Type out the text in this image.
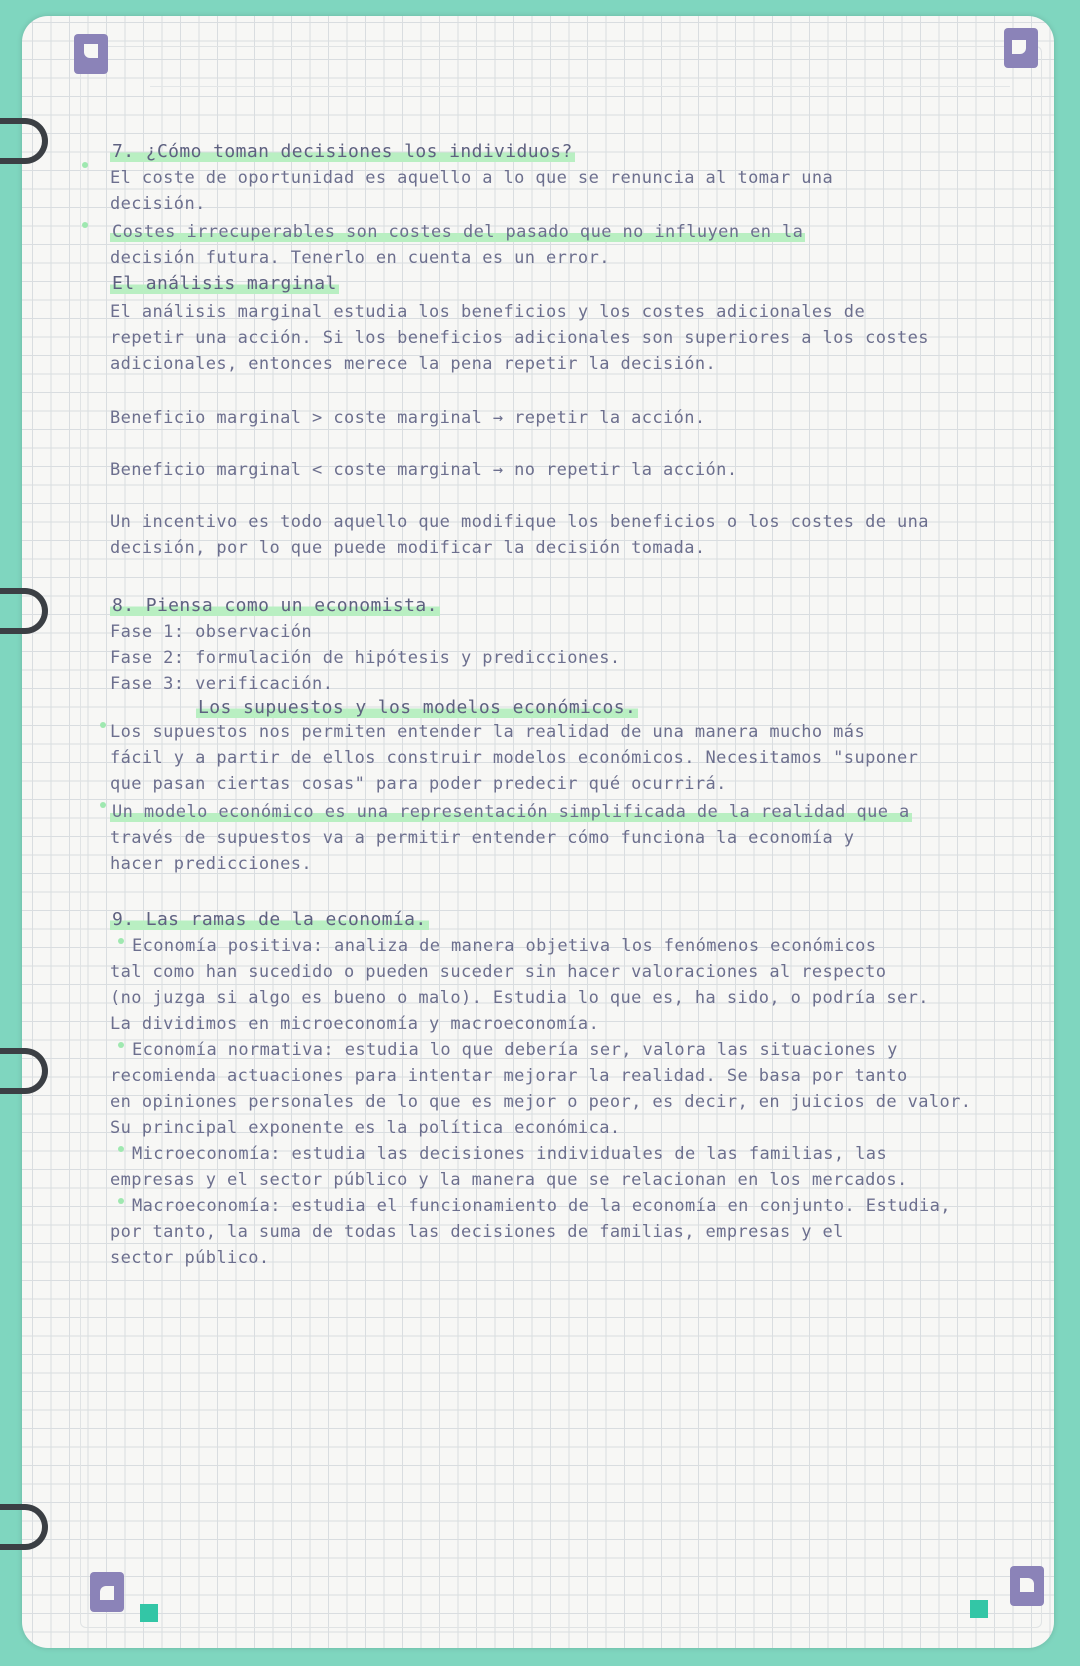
7. ¿Cómo toman decisiones los individuos?
El coste de oportunidad es aquello a lo que se renuncia al tomar una
decisión.
Costes irrecuperables son costes del pasado que no influyen en la
decisión futura. Tenerlo en cuenta es un error.
El análisis marginal
El análisis marginal estudia los beneficios y los costes adicionales de
repetir una acción. Si los beneficios adicionales son superiores a los costes
adicionales, entonces merece la pena repetir la decisión.
Beneficio marginal > coste marginal → repetir la acción.
Beneficio marginal < coste marginal → no repetir la acción.
Un incentivo es todo aquello que modifique los beneficios o los costes de una
decisión, por lo que puede modificar la decisión tomada.
8. Piensa como un economista.
Fase 1: observación
Fase 2: formulación de hipótesis y predicciones.
Fase 3: verificación.
Los supuestos y los modelos económicos.
Los supuestos nos permiten entender la realidad de una manera mucho más
fácil y a partir de ellos construir modelos económicos. Necesitamos "suponer
que pasan ciertas cosas" para poder predecir qué ocurrirá.
Un modelo económico es una representación simplificada de la realidad que a
través de supuestos va a permitir entender cómo funciona la economía y
hacer predicciones.
9. Las ramas de la economía.
Economía positiva: analiza de manera objetiva los fenómenos económicos
tal como han sucedido o pueden suceder sin hacer valoraciones al respecto
(no juzga si algo es bueno o malo). Estudia lo que es, ha sido, o podría ser.
La dividimos en microeconomía y macroeconomía.
Economía normativa: estudia lo que debería ser, valora las situaciones y
recomienda actuaciones para intentar mejorar la realidad. Se basa por tanto
en opiniones personales de lo que es mejor o peor, es decir, en juicios de valor.
Su principal exponente es la política económica.
Microeconomía: estudia las decisiones individuales de las familias, las
empresas y el sector público y la manera que se relacionan en los mercados.
Macroeconomía: estudia el funcionamiento de la economía en conjunto. Estudia,
por tanto, la suma de todas las decisiones de familias, empresas y el
sector público.
